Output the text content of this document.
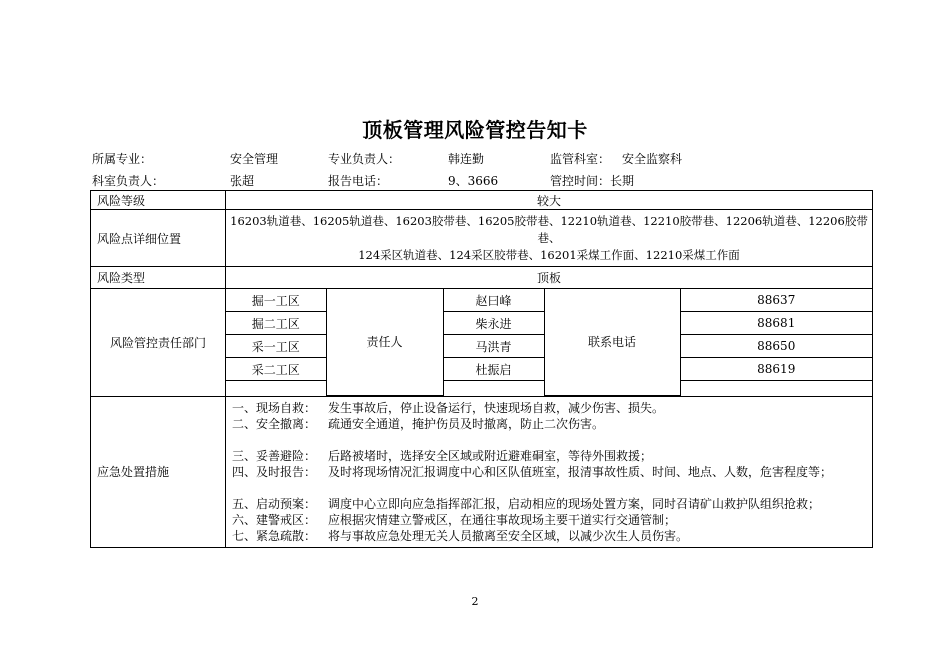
顶板管理风险管控告知卡
所属专业：	安全管理	专业负责人：	韩连勤	监管科室： 安全监察科
科室负责人：	张超	报告电话：	9、3666	管控时间： 长期
风险等级	较大
风险点详细位置	
16203轨道巷、16205轨道巷、16203胶带巷、16205胶带巷、12210轨道巷、12210胶带巷、12206轨道巷、12206胶带
巷、
124采区轨道巷、124采区胶带巷、16201采煤工作面、12210采煤工作面

风险类型	顶板
风险管控责任部门	
掘一工区	责任人	赵曰峰	联系电话	88637
掘二工区	柴永进	88681
采一工区	马洪青	88650
采二工区	杜振启	88619

应急处置措施	
一、现场自救： 发生事故后，停止设备运行，快速现场自救，减少伤害、损失。
二、安全撤离： 疏通安全通道，掩护伤员及时撤离，防止二次伤害。
三、妥善避险： 后路被堵时，选择安全区域或附近避难硐室，等待外围救援；
四、及时报告： 及时将现场情况汇报调度中心和区队值班室，报清事故性质、时间、地点、人数，危害程度等；
五、启动预案： 调度中心立即向应急指挥部汇报，启动相应的现场处置方案，同时召请矿山救护队组织抢救；
六、建警戒区： 应根据灾情建立警戒区，在通往事故现场主要干道实行交通管制；
七、紧急疏散： 将与事故应急处理无关人员撤离至安全区域，以减少次生人员伤害。
2
